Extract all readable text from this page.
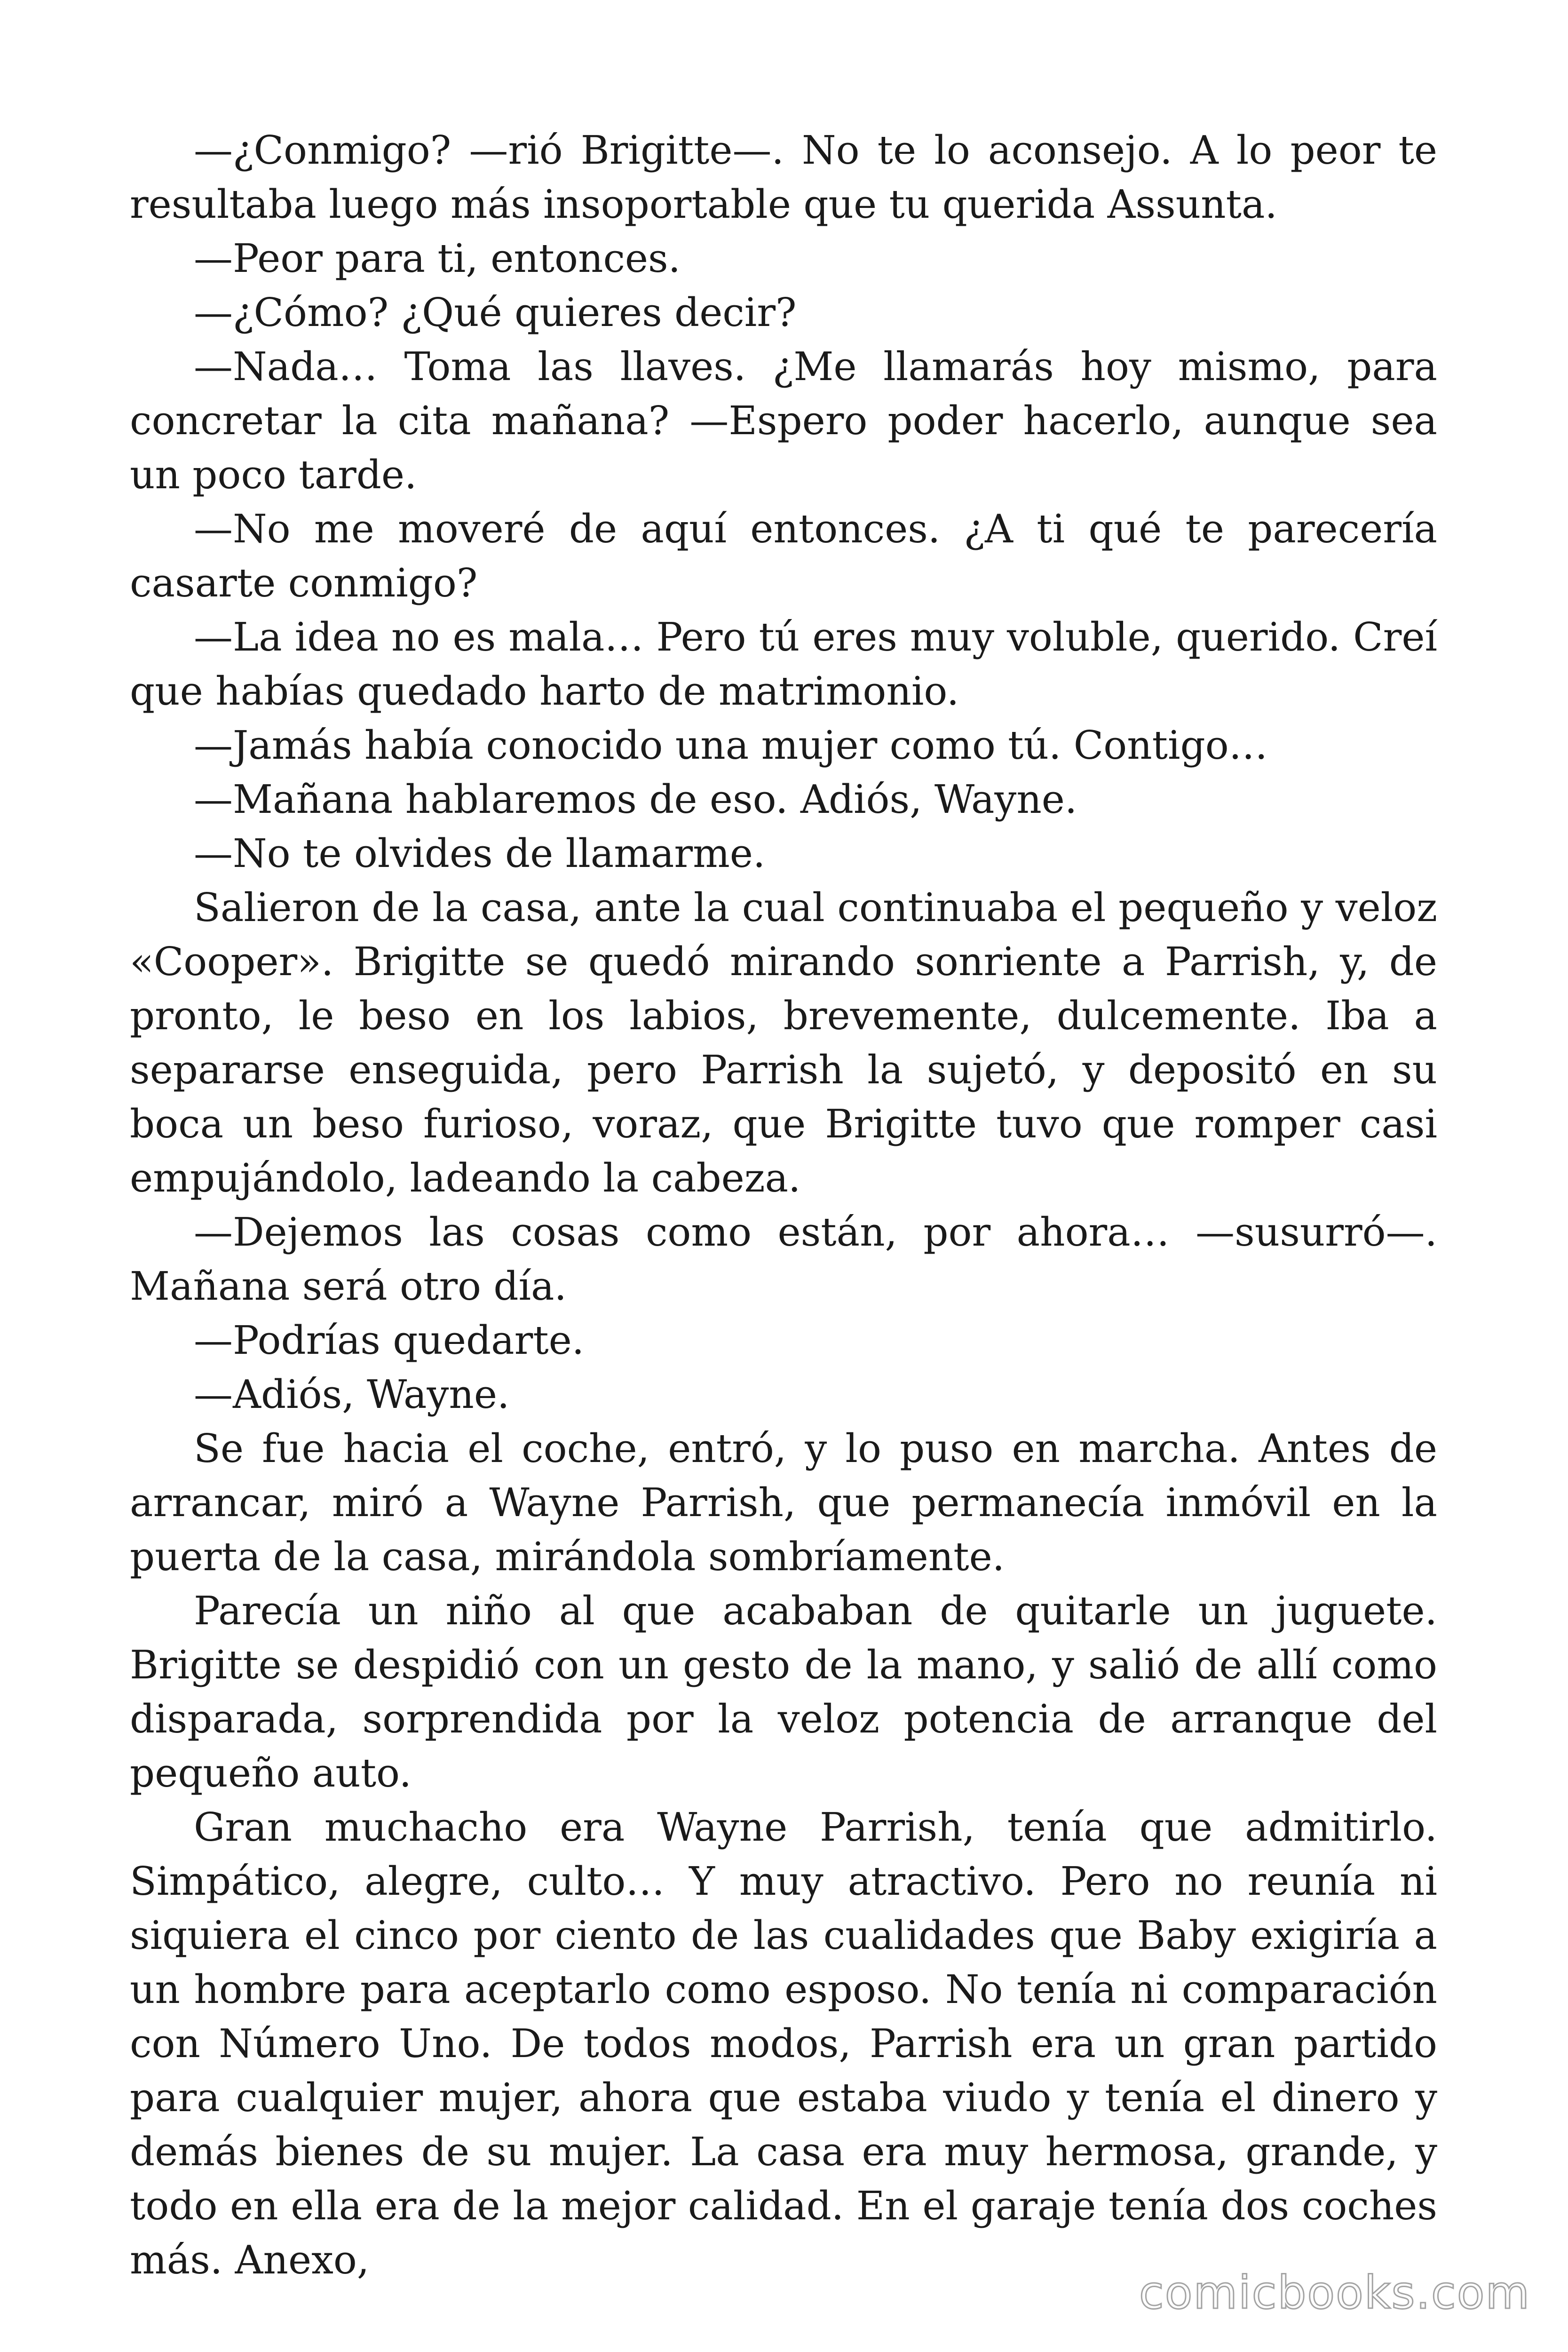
—¿Conmigo? —rió Brigitte—. No te lo aconsejo. A lo peor te resultaba luego más insoportable que tu querida Assunta.

—Peor para ti, entonces.

—¿Cómo? ¿Qué quieres decir?

—Nada… Toma las llaves. ¿Me llamarás hoy mismo, para concretar la cita mañana? —Espero poder hacerlo, aunque sea un poco tarde.

—No me moveré de aquí entonces. ¿A ti qué te parecería casarte conmigo?

—La idea no es mala… Pero tú eres muy voluble, querido. Creí que habías quedado harto de matrimonio.

—Jamás había conocido una mujer como tú. Contigo…

—Mañana hablaremos de eso. Adiós, Wayne.

—No te olvides de llamarme.

Salieron de la casa, ante la cual continuaba el pequeño y veloz «Cooper». Brigitte se quedó mirando sonriente a Parrish, y, de pronto, le beso en los labios, brevemente, dulcemente. Iba a separarse enseguida, pero Parrish la sujetó, y depositó en su boca un beso furioso, voraz, que Brigitte tuvo que romper casi empujándolo, ladeando la cabeza.

—Dejemos las cosas como están, por ahora… —susurró—. Mañana será otro día.

—Podrías quedarte.

—Adiós, Wayne.

Se fue hacia el coche, entró, y lo puso en marcha. Antes de arrancar, miró a Wayne Parrish, que permanecía inmóvil en la puerta de la casa, mirándola sombríamente.

Parecía un niño al que acababan de quitarle un juguete. Brigitte se despidió con un gesto de la mano, y salió de allí como disparada, sorprendida por la veloz potencia de arranque del pequeño auto.

Gran muchacho era Wayne Parrish, tenía que admitirlo. Simpático, alegre, culto… Y muy atractivo. Pero no reunía ni siquiera el cinco por ciento de las cualidades que Baby exigiría a un hombre para aceptarlo como esposo. No tenía ni comparación con Número Uno. De todos modos, Parrish era un gran partido para cualquier mujer, ahora que estaba viudo y tenía el dinero y demás bienes de su mujer. La casa era muy hermosa, grande, y todo en ella era de la mejor calidad. En el garaje tenía dos coches más. Anexo,

comicbooks.com
